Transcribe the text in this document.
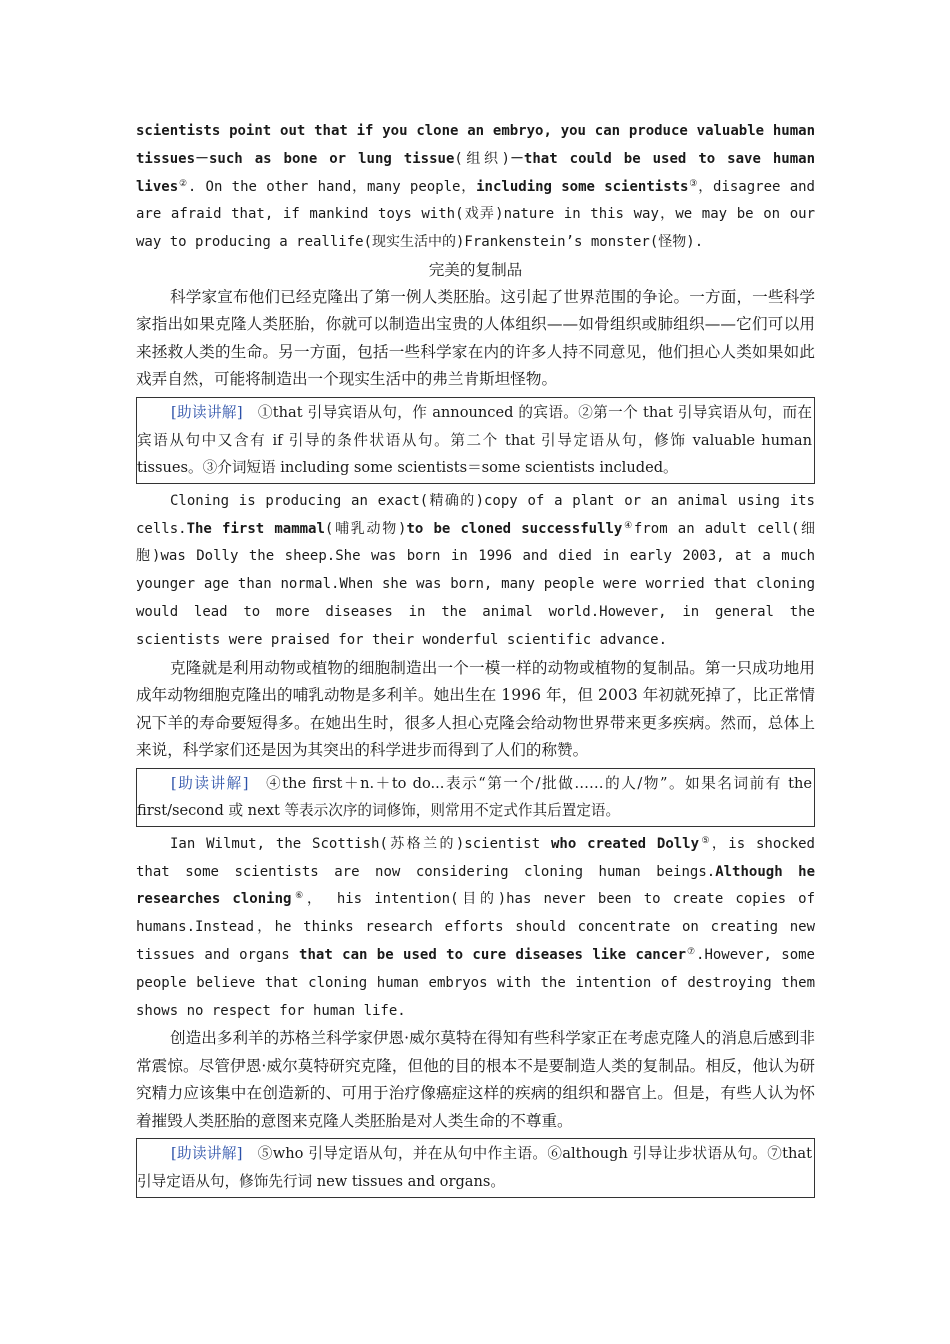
scientists point out that if you clone an embryo, you can produce valuable human tissues－such as bone or lung tissue(组织)－that could be used to save human lives②. On the other hand，many people，including some scientists③，disagree and are afraid that, if mankind toys with(戏弄)nature in this way，we may be on our way to producing a reallife(现实生活中的)Frankenstein’s monster(怪物).

完美的复制品

科学家宣布他们已经克隆出了第一例人类胚胎。这引起了世界范围的争论。一方面，一些科学家指出如果克隆人类胚胎，你就可以制造出宝贵的人体组织——如骨组织或肺组织——它们可以用来拯救人类的生命。另一方面，包括一些科学家在内的许多人持不同意见，他们担心人类如果如此戏弄自然，可能将制造出一个现实生活中的弗兰肯斯坦怪物。

[助读讲解]　①that 引导宾语从句，作 announced 的宾语。②第一个 that 引导宾语从句，而在宾语从句中又含有 if 引导的条件状语从句。第二个 that 引导定语从句，修饰 valuable human tissues。③介词短语 including some scientists＝some scientists included。

Cloning is producing an exact(精确的)copy of a plant or an animal using its cells.The first mammal(哺乳动物)to be cloned successfully④from an adult cell(细胞)was Dolly the sheep.She was born in 1996 and died in early 2003, at a much younger age than normal.When she was born, many people were worried that cloning would lead to more diseases in the animal world.However, in general the scientists were praised for their wonderful scientific advance.

克隆就是利用动物或植物的细胞制造出一个一模一样的动物或植物的复制品。第一只成功地用成年动物细胞克隆出的哺乳动物是多利羊。她出生在 1996 年，但 2003 年初就死掉了，比正常情况下羊的寿命要短得多。在她出生时，很多人担心克隆会给动物世界带来更多疾病。然而，总体上来说，科学家们还是因为其突出的科学进步而得到了人们的称赞。

[助读讲解]　④the first＋n.＋to do...表示“第一个/批做……的人/物”。如果名词前有 the first/second 或 next 等表示次序的词修饰，则常用不定式作其后置定语。

Ian Wilmut, the Scottish(苏格兰的)scientist who created Dolly⑤，is shocked that some scientists are now considering cloning human beings.Although he researches cloning⑥， his intention(目的)has never been to create copies of humans.Instead，he thinks research efforts should concentrate on creating new tissues and organs that can be used to cure diseases like cancer⑦.However, some people believe that cloning human embryos with the intention of destroying them shows no respect for human life.

创造出多利羊的苏格兰科学家伊恩·威尔莫特在得知有些科学家正在考虑克隆人的消息后感到非常震惊。尽管伊恩·威尔莫特研究克隆，但他的目的根本不是要制造人类的复制品。相反，他认为研究精力应该集中在创造新的、可用于治疗像癌症这样的疾病的组织和器官上。但是，有些人认为怀着摧毁人类胚胎的意图来克隆人类胚胎是对人类生命的不尊重。

[助读讲解]　⑤who 引导定语从句，并在从句中作主语。⑥although 引导让步状语从句。⑦that 引导定语从句，修饰先行词 new tissues and organs。
